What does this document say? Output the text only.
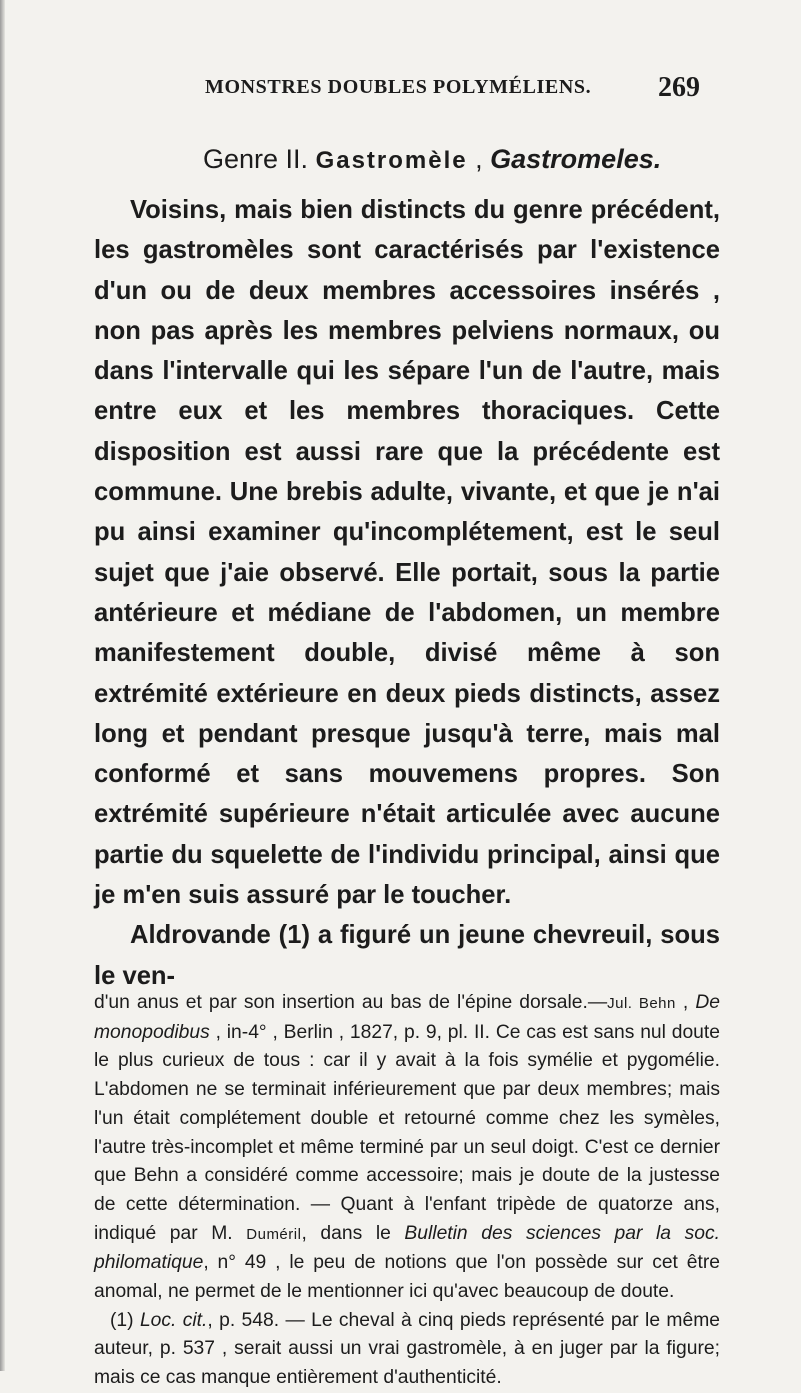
MONSTRES DOUBLES POLYMÉLIENS. 269
Genre II. Gastromèle , Gastromeles.

Voisins, mais bien distincts du genre précédent, les gastromèles sont caractérisés par l'existence d'un ou de deux membres accessoires insérés , non pas après les membres pelviens normaux, ou dans l'intervalle qui les sépare l'un de l'autre, mais entre eux et les membres thoraciques. Cette disposition est aussi rare que la précédente est commune. Une brebis adulte, vivante, et que je n'ai pu ainsi examiner qu'incomplétement, est le seul sujet que j'aie observé. Elle portait, sous la partie antérieure et médiane de l'abdomen, un membre manifestement double, divisé même à son extrémité extérieure en deux pieds distincts, assez long et pendant presque jusqu'à terre, mais mal conformé et sans mouvemens propres. Son extrémité supérieure n'était articulée avec aucune partie du squelette de l'individu principal, ainsi que je m'en suis assuré par le toucher.

Aldrovande (1) a figuré un jeune chevreuil, sous le ven-

d'un anus et par son insertion au bas de l'épine dorsale.—Jul. Behn , De monopodibus , in-4° , Berlin , 1827, p. 9, pl. II. Ce cas est sans nul doute le plus curieux de tous : car il y avait à la fois symélie et pygomélie. L'abdomen ne se terminait inférieurement que par deux membres; mais l'un était complétement double et retourné comme chez les symèles, l'autre très-incomplet et même terminé par un seul doigt. C'est ce dernier que Behn a considéré comme accessoire; mais je doute de la justesse de cette détermination. — Quant à l'enfant tripède de quatorze ans, indiqué par M. Duméril, dans le Bulletin des sciences par la soc. philomatique, n° 49 , le peu de notions que l'on possède sur cet être anomal, ne permet de le mentionner ici qu'avec beaucoup de doute.

(1) Loc. cit., p. 548. — Le cheval à cinq pieds représenté par le même auteur, p. 537 , serait aussi un vrai gastromèle, à en juger par la figure; mais ce cas manque entièrement d'authenticité.
